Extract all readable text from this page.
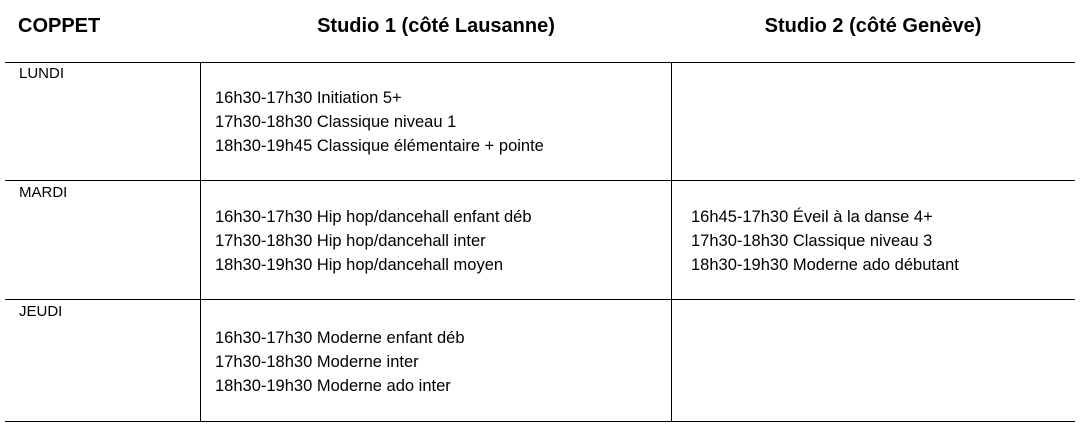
COPPET	Studio 1 (côté Lausanne)	Studio 2 (côté Genève)
LUNDI
16h30-17h30 Initiation 5+
17h30-18h30 Classique niveau 1
18h30-19h45 Classique élémentaire + pointe
MARDI
16h30-17h30 Hip hop/dancehall enfant déb
17h30-18h30 Hip hop/dancehall inter
18h30-19h30 Hip hop/dancehall moyen
16h45-17h30 Éveil à la danse 4+
17h30-18h30 Classique niveau 3
18h30-19h30 Moderne ado débutant
JEUDI
16h30-17h30 Moderne enfant déb
17h30-18h30 Moderne inter
18h30-19h30 Moderne ado inter
